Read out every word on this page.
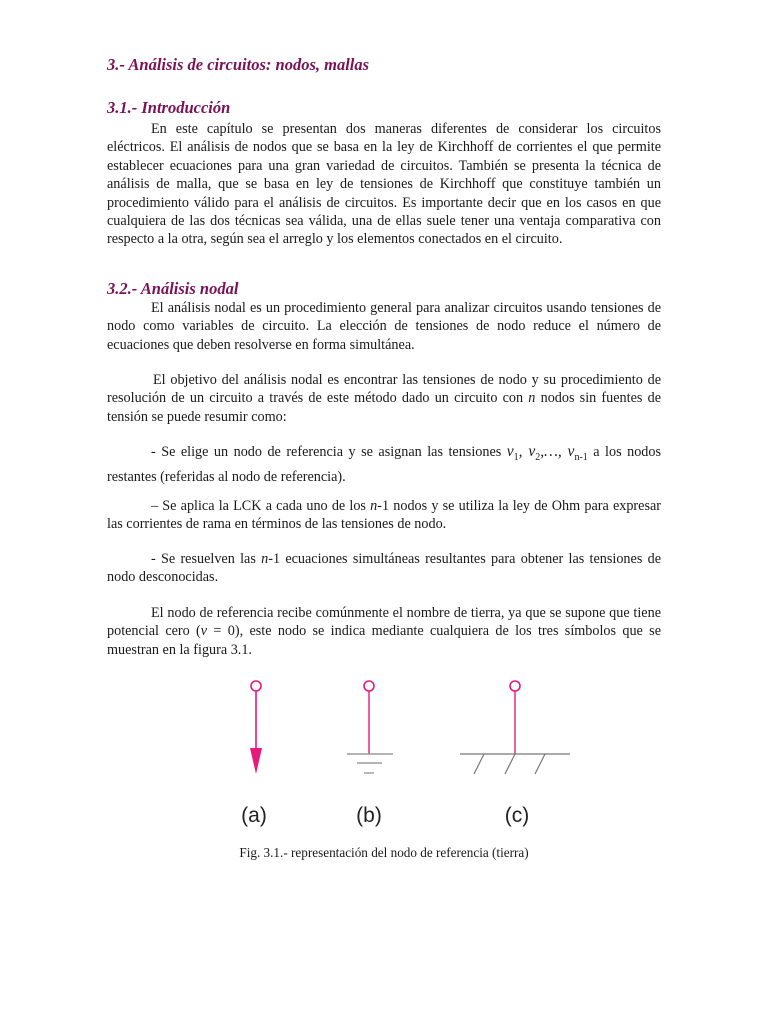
3.- Análisis de circuitos: nodos, mallas
3.1.- Introducción

En este capítulo se presentan dos maneras diferentes de considerar los circuitos eléctricos. El análisis de nodos que se basa en la ley de Kirchhoff de corrientes el que permite establecer ecuaciones para una gran variedad de circuitos. También se presenta la técnica de análisis de malla, que se basa en ley de tensiones de Kirchhoff que constituye también un procedimiento válido para el análisis de circuitos. Es importante decir que en los casos en que cualquiera de las dos técnicas sea válida, una de ellas suele tener una ventaja comparativa con respecto a la otra, según sea el arreglo y los elementos conectados en el circuito.

3.2.- Análisis nodal

El análisis nodal es un procedimiento general para analizar circuitos usando tensiones de nodo como variables de circuito. La elección de tensiones de nodo reduce el número de ecuaciones que deben resolverse en forma simultánea.

El objetivo del análisis nodal es encontrar las tensiones de nodo y su procedimiento de resolución de un circuito a través de este método dado un circuito con n nodos sin fuentes de tensión se puede resumir como:

- Se elige un nodo de referencia y se asignan las tensiones $v_1$, $v_2,\dots$, $v_{n-1}$ a los nodos restantes (referidas al nodo de referencia).

– Se aplica la LCK a cada uno de los n-1 nodos y se utiliza la ley de Ohm para expresar las corrientes de rama en términos de las tensiones de nodo.

- Se resuelven las n-1 ecuaciones simultáneas resultantes para obtener las tensiones de nodo desconocidas.

El nodo de referencia recibe comúnmente el nombre de tierra, ya que se supone que tiene potencial cero (v = 0), este nodo se indica mediante cualquiera de los tres símbolos que se muestran en la figura 3.1.

Fig. 3.1.- representación del nodo de referencia (tierra)
(a)	(b)	(c)
